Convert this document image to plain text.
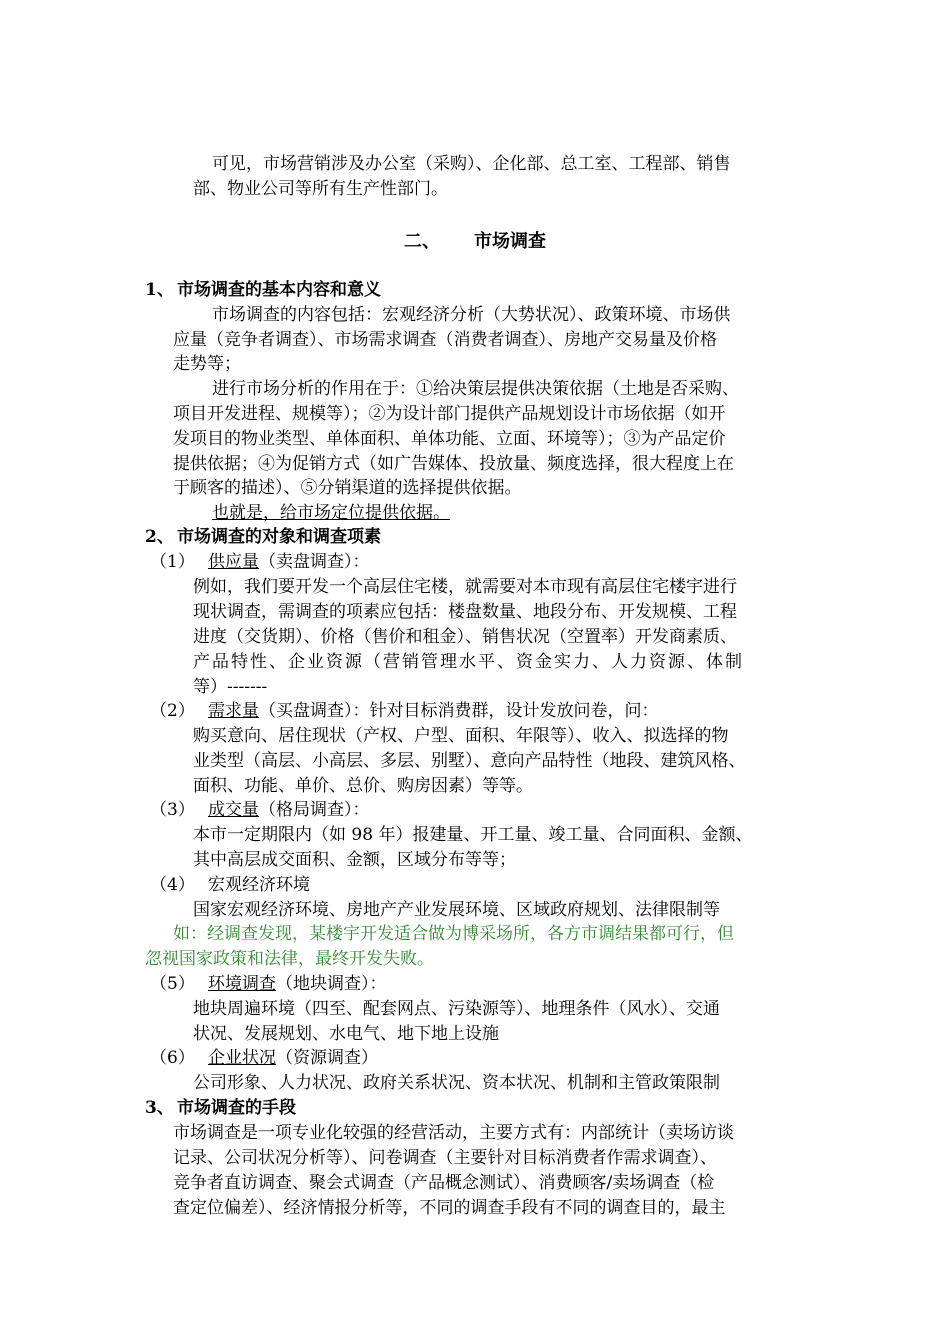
可见，市场营销涉及办公室（采购）、企化部、总工室、工程部、销售
部、物业公司等所有生产性部门。
二、 市场调查
1、 市场调查的基本内容和意义
市场调查的内容包括：宏观经济分析（大势状况）、政策环境、市场供
应量（竞争者调查）、市场需求调查（消费者调查）、房地产交易量及价格
走势等；
进行市场分析的作用在于：①给决策层提供决策依据（土地是否采购、
项目开发进程、规模等）；②为设计部门提供产品规划设计市场依据（如开
发项目的物业类型、单体面积、单体功能、立面、环境等）；③为产品定价
提供依据；④为促销方式（如广告媒体、投放量、频度选择，很大程度上在
于顾客的描述）、⑤分销渠道的选择提供依据。
也就是，给市场定位提供依据。
2、 市场调查的对象和调查项素
（1） 供应量（卖盘调查）：
例如，我们要开发一个高层住宅楼，就需要对本市现有高层住宅楼宇进行
现状调查，需调查的项素应包括：楼盘数量、地段分布、开发规模、工程
进度（交货期）、价格（售价和租金）、销售状况（空置率）开发商素质、
产品特性、企业资源（营销管理水平、资金实力、人力资源、体制
等）-------
（2） 需求量（买盘调查）：针对目标消费群，设计发放问卷，问：
购买意向、居住现状（产权、户型、面积、年限等）、收入、拟选择的物
业类型（高层、小高层、多层、别墅）、意向产品特性（地段、建筑风格、
面积、功能、单价、总价、购房因素）等等。
（3） 成交量（格局调查）：
本市一定期限内（如 98 年）报建量、开工量、竣工量、合同面积、金额、
其中高层成交面积、金额，区域分布等等；
（4） 宏观经济环境
国家宏观经济环境、房地产产业发展环境、区域政府规划、法律限制等
如：经调查发现，某楼宇开发适合做为博采场所，各方市调结果都可行，但
忽视国家政策和法律，最终开发失败。
（5） 环境调查（地块调查）：
地块周遍环境（四至、配套网点、污染源等）、地理条件（风水）、交通
状况、发展规划、水电气、地下地上设施
（6） 企业状况（资源调查）
公司形象、人力状况、政府关系状况、资本状况、机制和主管政策限制
3、 市场调查的手段
市场调查是一项专业化较强的经营活动，主要方式有：内部统计（卖场访谈
记录、公司状况分析等）、问卷调查（主要针对目标消费者作需求调查）、
竞争者直访调查、聚会式调查（产品概念测试）、消费顾客/卖场调查（检
查定位偏差）、经济情报分析等，不同的调查手段有不同的调查目的，最主
